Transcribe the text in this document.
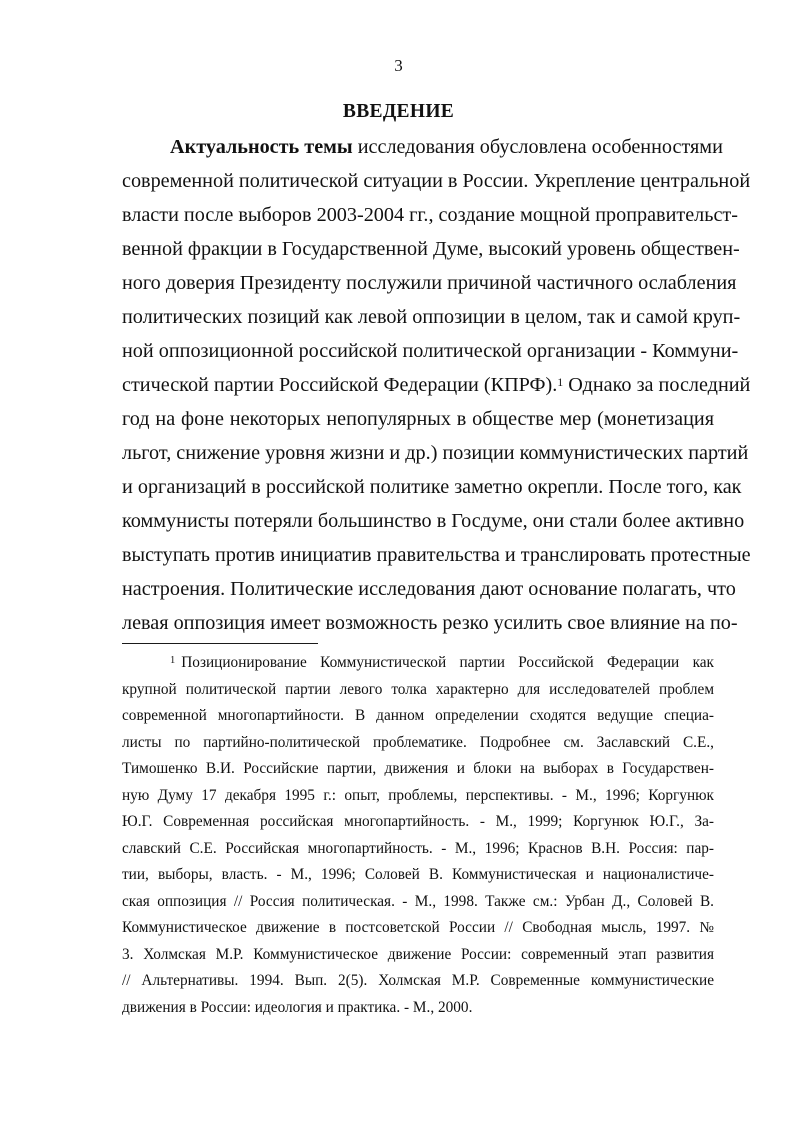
3
ВВЕДЕНИЕ
Актуальность темы исследования обусловлена особенностями
современной политической ситуации в России. Укрепление центральной
власти после выборов 2003-2004 гг., создание мощной проправительст-
венной фракции в Государственной Думе, высокий уровень обществен-
ного доверия Президенту послужили причиной частичного ослабления
политических позиций как левой оппозиции в целом, так и самой круп-
ной оппозиционной российской политической организации - Коммуни-
стической партии Российской Федерации (КПРФ).$^1$ Однако за последний
год на фоне некоторых непопулярных в обществе мер (монетизация
льгот, снижение уровня жизни и др.) позиции коммунистических партий
и организаций в российской политике заметно окрепли. После того, как
коммунисты потеряли большинство в Госдуме, они стали более активно
выступать против инициатив правительства и транслировать протестные
настроения. Политические исследования дают основание полагать, что
левая оппозиция имеет возможность резко усилить свое влияние на по-
$^1$ Позиционирование Коммунистической партии Российской Федерации как
крупной политической партии левого толка характерно для исследователей проблем
современной многопартийности. В данном определении сходятся ведущие специа-
листы по партийно-политической проблематике. Подробнее см. Заславский С.Е.,
Тимошенко В.И. Российские партии, движения и блоки на выборах в Государствен-
ную Думу 17 декабря 1995 г.: опыт, проблемы, перспективы. - М., 1996; Коргунюк
Ю.Г. Современная российская многопартийность. - М., 1999; Коргунюк Ю.Г., За-
славский С.Е. Российская многопартийность. - М., 1996; Краснов В.Н. Россия: пар-
тии, выборы, власть. - М., 1996; Соловей В. Коммунистическая и националистиче-
ская оппозиция // Россия политическая. - М., 1998. Также см.: Урбан Д., Соловей В.
Коммунистическое движение в постсоветской России // Свободная мысль, 1997. №
3. Холмская М.Р. Коммунистическое движение России: современный этап развития
// Альтернативы. 1994. Вып. 2(5). Холмская М.Р. Современные коммунистические
движения в России: идеология и практика. - М., 2000.
